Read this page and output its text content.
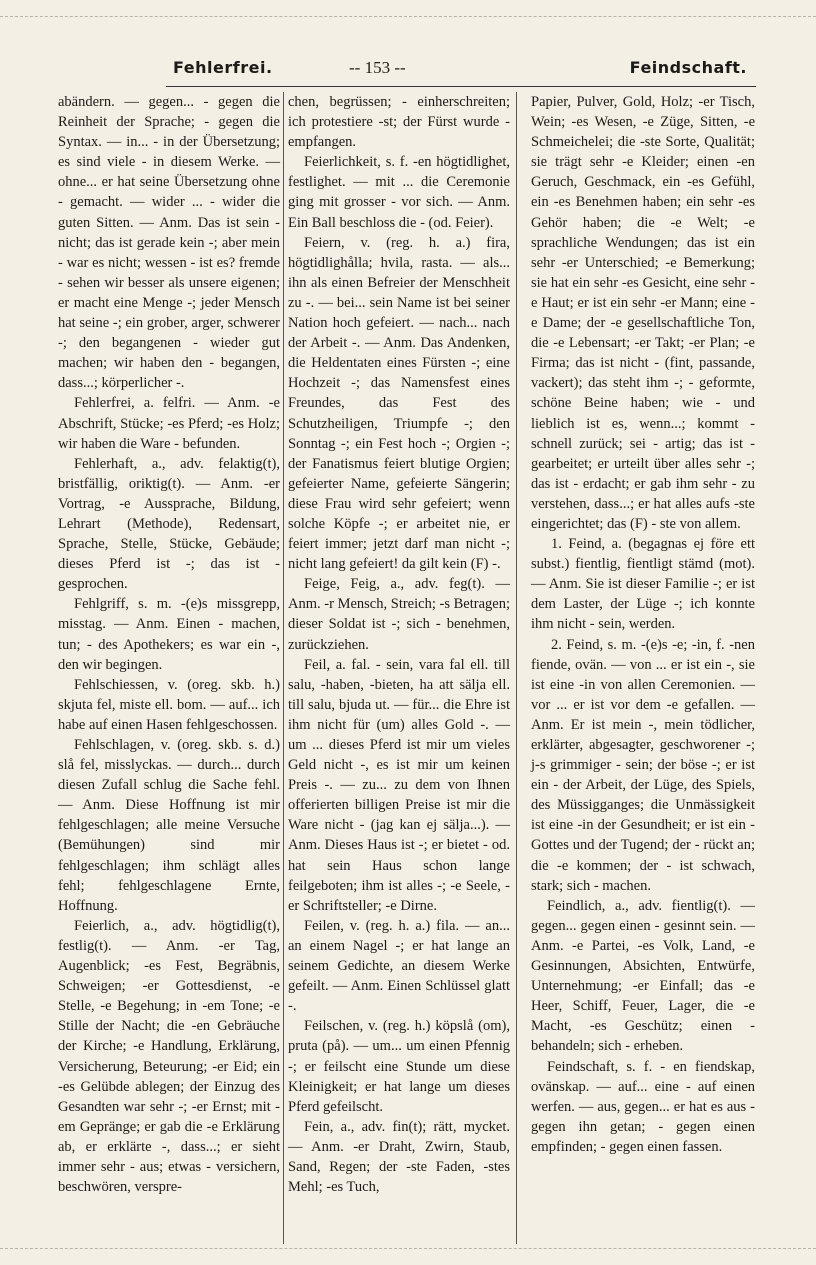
Fehlerfrei.	-- 153 --	Feindschaft.

abändern. — gegen... - gegen die Reinheit der Sprache; - gegen die Syntax. — in... - in der Übersetzung; es sind viele - in diesem Werke. — ohne... er hat seine Übersetzung ohne - gemacht. — wider ... - wider die guten Sitten. — Anm. Das ist sein - nicht; das ist gerade kein -; aber mein - war es nicht; wessen - ist es? fremde - sehen wir besser als unsere eigenen; er macht eine Menge -; jeder Mensch hat seine -; ein grober, arger, schwerer -; den begangenen - wieder gut machen; wir haben den - begangen, dass...; körperlicher -.

Fehlerfrei, a. felfri. — Anm. -e Abschrift, Stücke; -es Pferd; -es Holz; wir haben die Ware - befunden.

Fehlerhaft, a., adv. felaktig(t), bristfällig, oriktig(t). — Anm. -er Vortrag, -e Aussprache, Bildung, Lehrart (Methode), Redensart, Sprache, Stelle, Stücke, Gebäude; dieses Pferd ist -; das ist - gesprochen.

Fehlgriff, s. m. -(e)s missgrepp, misstag. — Anm. Einen - machen, tun; - des Apothekers; es war ein -, den wir begingen.

Fehlschiessen, v. (oreg. skb. h.) skjuta fel, miste ell. bom. — auf... ich habe auf einen Hasen fehlgeschossen.

Fehlschlagen, v. (oreg. skb. s. d.) slå fel, misslyckas. — durch... durch diesen Zufall schlug die Sache fehl. — Anm. Diese Hoffnung ist mir fehlgeschlagen; alle meine Versuche (Bemühungen) sind mir fehlgeschlagen; ihm schlägt alles fehl; fehlgeschlagene Ernte, Hoffnung.

Feierlich, a., adv. högtidlig(t), festlig(t). — Anm. -er Tag, Augenblick; -es Fest, Begräbnis, Schweigen; -er Gottesdienst, -e Stelle, -e Begehung; in -em Tone; -e Stille der Nacht; die -en Gebräuche der Kirche; -e Handlung, Erklärung, Versicherung, Beteurung; -er Eid; ein -es Gelübde ablegen; der Einzug des Gesandten war sehr -; -er Ernst; mit -em Gepränge; er gab die -e Erklärung ab, er erklärte -, dass...; er sieht immer sehr - aus; etwas - versichern, beschwören, verspre-

chen, begrüssen; - einherschreiten; ich protestiere -st; der Fürst wurde - empfangen.

Feierlichkeit, s. f. -en högtidlighet, festlighet. — mit ... die Ceremonie ging mit grosser - vor sich. — Anm. Ein Ball beschloss die - (od. Feier).

Feiern, v. (reg. h. a.) fira, högtidlighålla; hvila, rasta. — als... ihn als einen Befreier der Menschheit zu -. — bei... sein Name ist bei seiner Nation hoch gefeiert. — nach... nach der Arbeit -. — Anm. Das Andenken, die Heldentaten eines Fürsten -; eine Hochzeit -; das Namensfest eines Freundes, das Fest des Schutzheiligen, Triumpfe -; den Sonntag -; ein Fest hoch -; Orgien -; der Fanatismus feiert blutige Orgien; gefeierter Name, gefeierte Sängerin; diese Frau wird sehr gefeiert; wenn solche Köpfe -; er arbeitet nie, er feiert immer; jetzt darf man nicht -; nicht lang gefeiert! da gilt kein (F) -.

Feige, Feig, a., adv. feg(t). — Anm. -r Mensch, Streich; -s Betragen; dieser Soldat ist -; sich - benehmen, zurückziehen.

Feil, a. fal. - sein, vara fal ell. till salu, -haben, -bieten, ha att sälja ell. till salu, bjuda ut. — für... die Ehre ist ihm nicht für (um) alles Gold -. — um ... dieses Pferd ist mir um vieles Geld nicht -, es ist mir um keinen Preis -. — zu... zu dem von Ihnen offerierten billigen Preise ist mir die Ware nicht - (jag kan ej sälja...). — Anm. Dieses Haus ist -; er bietet - od. hat sein Haus schon lange feilgeboten; ihm ist alles -; -e Seele, -er Schriftsteller; -e Dirne.

Feilen, v. (reg. h. a.) fila. — an... an einem Nagel -; er hat lange an seinem Gedichte, an diesem Werke gefeilt. — Anm. Einen Schlüssel glatt -.

Feilschen, v. (reg. h.) köpslå (om), pruta (på). — um... um einen Pfennig -; er feilscht eine Stunde um diese Kleinigkeit; er hat lange um dieses Pferd gefeilscht.

Fein, a., adv. fin(t); rätt, mycket. — Anm. -er Draht, Zwirn, Staub, Sand, Regen; der -ste Faden, -stes Mehl; -es Tuch,

Papier, Pulver, Gold, Holz; -er Tisch, Wein; -es Wesen, -e Züge, Sitten, -e Schmeichelei; die -ste Sorte, Qualität; sie trägt sehr -e Kleider; einen -en Geruch, Geschmack, ein -es Gefühl, ein -es Benehmen haben; ein sehr -es Gehör haben; die -e Welt; -e sprachliche Wendungen; das ist ein sehr -er Unterschied; -e Bemerkung; sie hat ein sehr -es Gesicht, eine sehr -e Haut; er ist ein sehr -er Mann; eine -e Dame; der -e gesellschaftliche Ton, die -e Lebensart; -er Takt; -er Plan; -e Firma; das ist nicht - (fint, passande, vackert); das steht ihm -; - geformte, schöne Beine haben; wie - und lieblich ist es, wenn...; kommt - schnell zurück; sei - artig; das ist - gearbeitet; er urteilt über alles sehr -; das ist - erdacht; er gab ihm sehr - zu verstehen, dass...; er hat alles aufs -ste eingerichtet; das (F) - ste von allem.

1. Feind, a. (begagnas ej före ett subst.) fientlig, fientligt stämd (mot). — Anm. Sie ist dieser Familie -; er ist dem Laster, der Lüge -; ich konnte ihm nicht - sein, werden.

2. Feind, s. m. -(e)s -e; -in, f. -nen fiende, ovän. — von ... er ist ein -, sie ist eine -in von allen Ceremonien. — vor ... er ist vor dem -e gefallen. — Anm. Er ist mein -, mein tödlicher, erklärter, abgesagter, geschworener -; j-s grimmiger - sein; der böse -; er ist ein - der Arbeit, der Lüge, des Spiels, des Müssigganges; die Unmässigkeit ist eine -in der Gesundheit; er ist ein - Gottes und der Tugend; der - rückt an; die -e kommen; der - ist schwach, stark; sich - machen.

Feindlich, a., adv. fientlig(t). — gegen... gegen einen - gesinnt sein. — Anm. -e Partei, -es Volk, Land, -e Gesinnungen, Absichten, Entwürfe, Unternehmung; -er Einfall; das -e Heer, Schiff, Feuer, Lager, die -e Macht, -es Geschütz; einen - behandeln; sich - erheben.

Feindschaft, s. f. - en fiendskap, ovänskap. — auf... eine - auf einen werfen. — aus, gegen... er hat es aus - gegen ihn getan; - gegen einen empfinden; - gegen einen fassen.
